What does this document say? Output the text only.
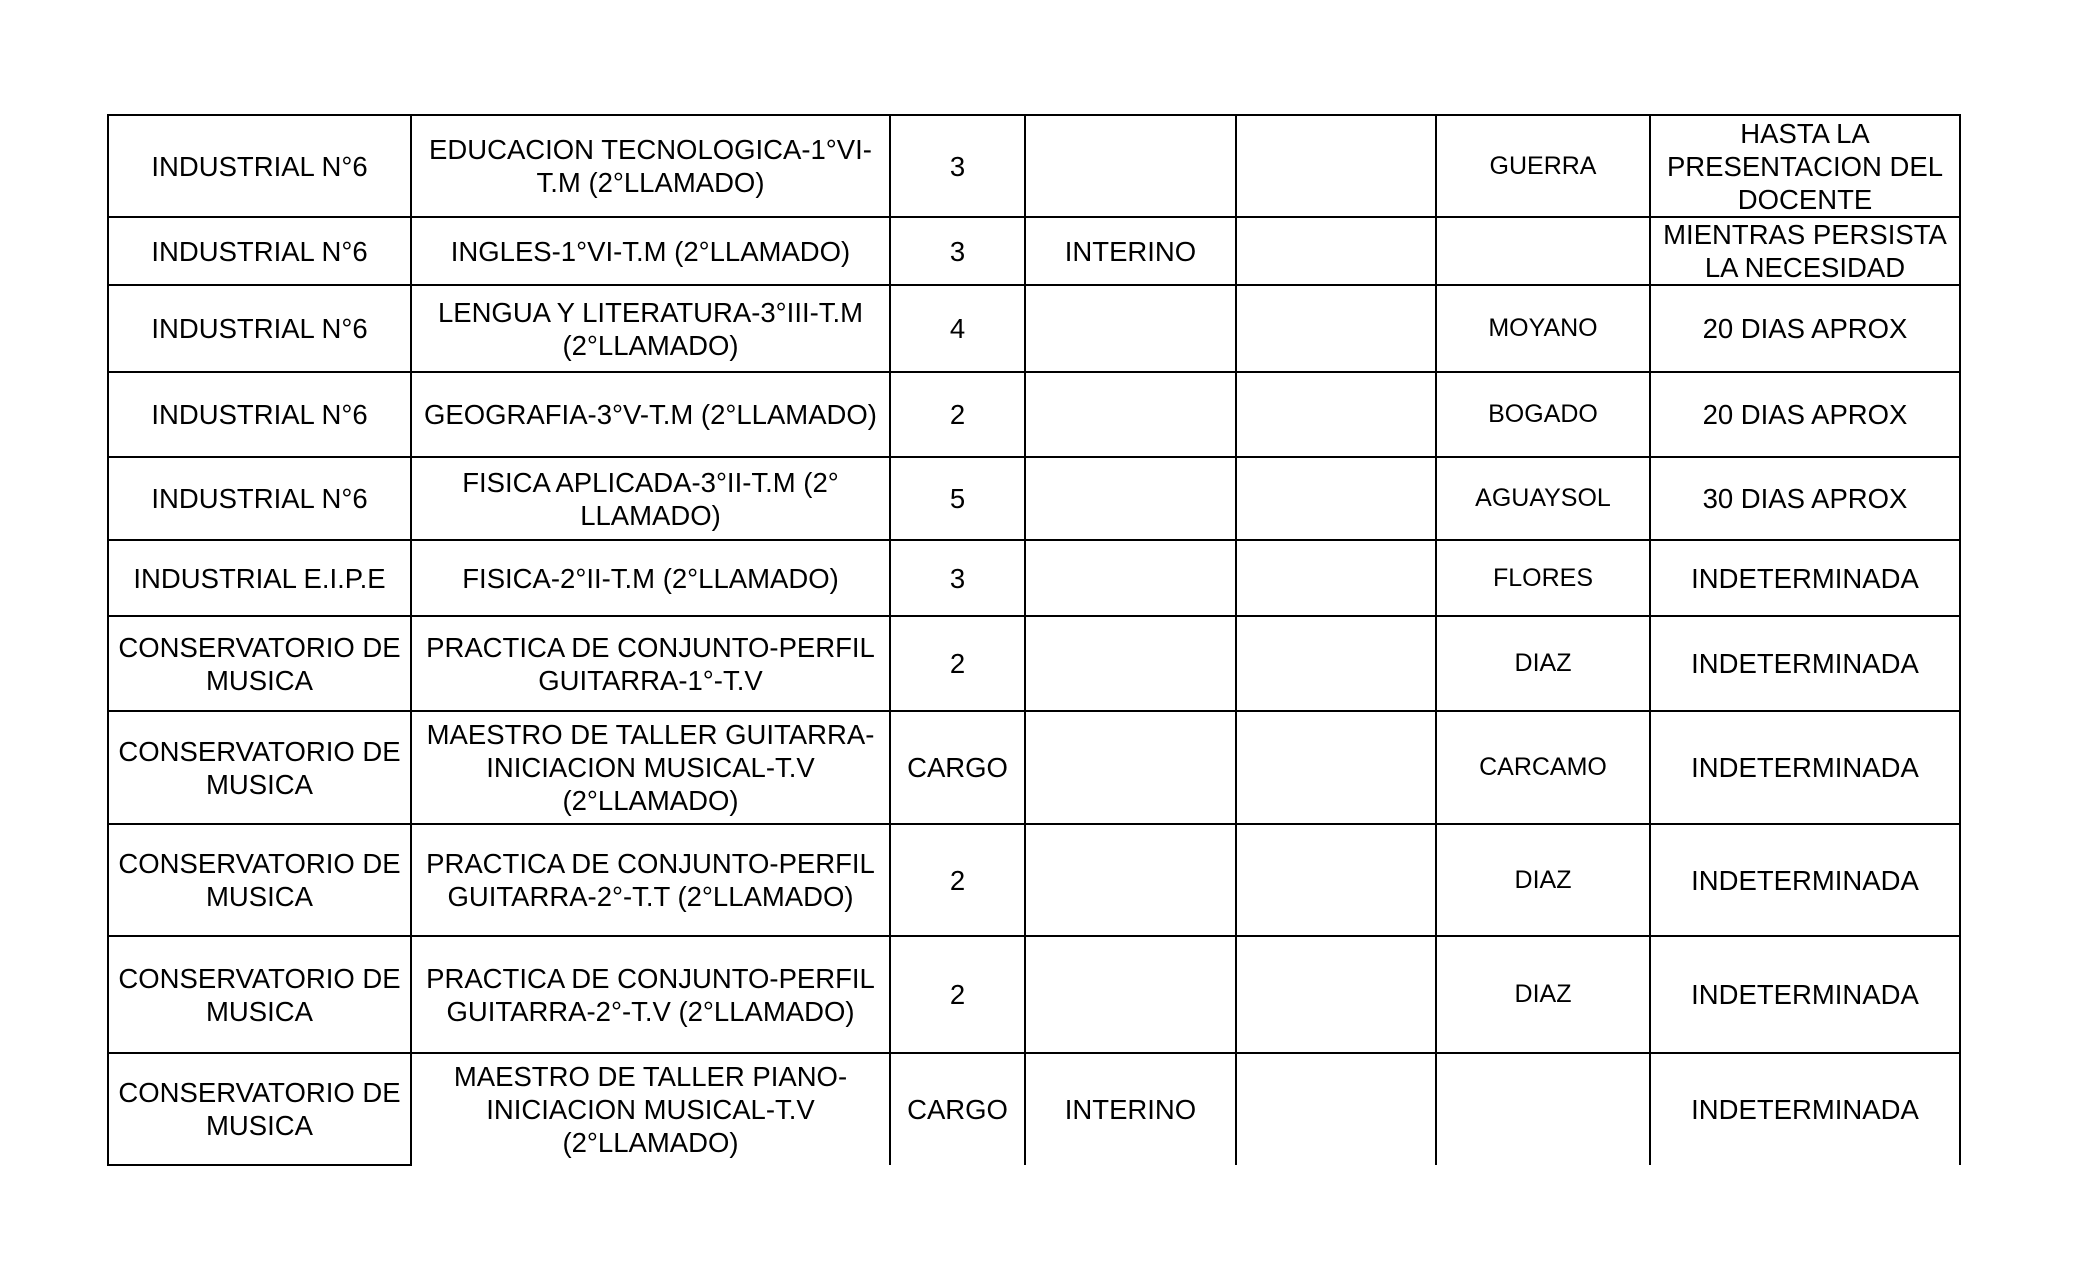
INDUSTRIAL N°6	EDUCACION TECNOLOGICA-1°VI-T.M (2°LLAMADO)	3			GUERRA	HASTA LA PRESENTACION DEL DOCENTE
INDUSTRIAL N°6	INGLES-1°VI-T.M (2°LLAMADO)	3	INTERINO			MIENTRAS PERSISTA LA NECESIDAD
INDUSTRIAL N°6	LENGUA Y LITERATURA-3°III-T.M (2°LLAMADO)	4			MOYANO	20 DIAS APROX
INDUSTRIAL N°6	GEOGRAFIA-3°V-T.M (2°LLAMADO)	2			BOGADO	20 DIAS APROX
INDUSTRIAL N°6	FISICA APLICADA-3°II-T.M (2° LLAMADO)	5			AGUAYSOL	30 DIAS APROX
INDUSTRIAL E.I.P.E	FISICA-2°II-T.M (2°LLAMADO)	3			FLORES	INDETERMINADA
CONSERVATORIO DE MUSICA	PRACTICA DE CONJUNTO-PERFIL GUITARRA-1°-T.V	2			DIAZ	INDETERMINADA
CONSERVATORIO DE MUSICA	MAESTRO DE TALLER GUITARRA-INICIACION MUSICAL-T.V (2°LLAMADO)	CARGO			CARCAMO	INDETERMINADA
CONSERVATORIO DE MUSICA	PRACTICA DE CONJUNTO-PERFIL GUITARRA-2°-T.T (2°LLAMADO)	2			DIAZ	INDETERMINADA
CONSERVATORIO DE MUSICA	PRACTICA DE CONJUNTO-PERFIL GUITARRA-2°-T.V (2°LLAMADO)	2			DIAZ	INDETERMINADA
CONSERVATORIO DE MUSICA	MAESTRO DE TALLER PIANO-INICIACION MUSICAL-T.V (2°LLAMADO)	CARGO	INTERINO			INDETERMINADA
